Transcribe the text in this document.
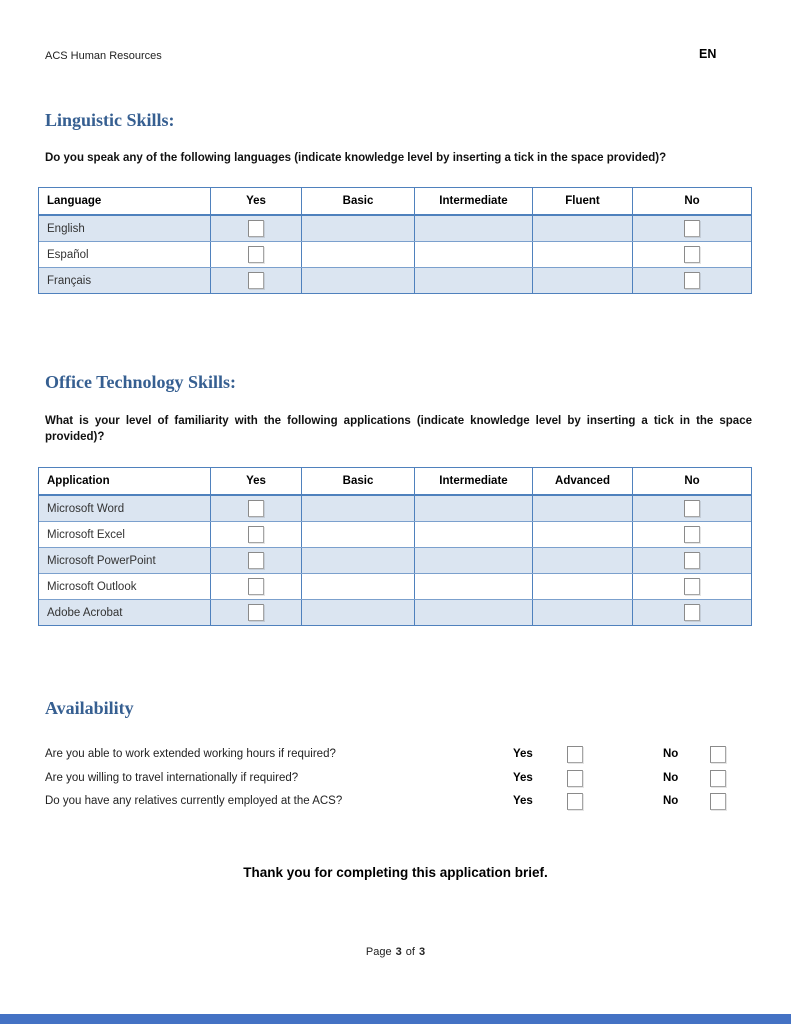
ACS Human Resources	EN
Linguistic Skills:

Do you speak any of the following languages (indicate knowledge level by inserting a tick in the space provided)?

Language	Yes	Basic	Intermediate	Fluent	No
English
Español
Français
Office Technology Skills:

What is your level of familiarity with the following applications (indicate knowledge level by inserting a tick in the space provided)?

Application	Yes	Basic	Intermediate	Advanced	No
Microsoft Word
Microsoft Excel
Microsoft PowerPoint
Microsoft Outlook
Adobe Acrobat
Availability
Are you able to work extended working hours if required?	Yes	No
Are you willing to travel internationally if required?	Yes	No
Do you have any relatives currently employed at the ACS?	Yes	No

Thank you for completing this application brief.

Page 3 of 3
